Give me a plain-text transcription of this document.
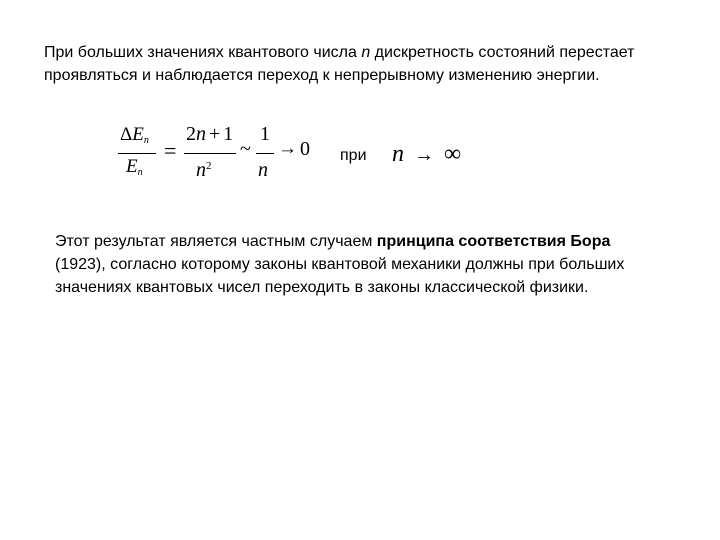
При больших значениях квантового числа n дискретность состояний перестает проявляться и наблюдается переход к непрерывному изменению энергии.

ΔEn
En
=
2n + 1
$n^2$
~
1
n
→ 0 при n → ∞

Этот результат является частным случаем принципа соответствия Бора (1923), согласно которому законы квантовой механики должны при больших значениях квантовых чисел переходить в законы классической физики.
